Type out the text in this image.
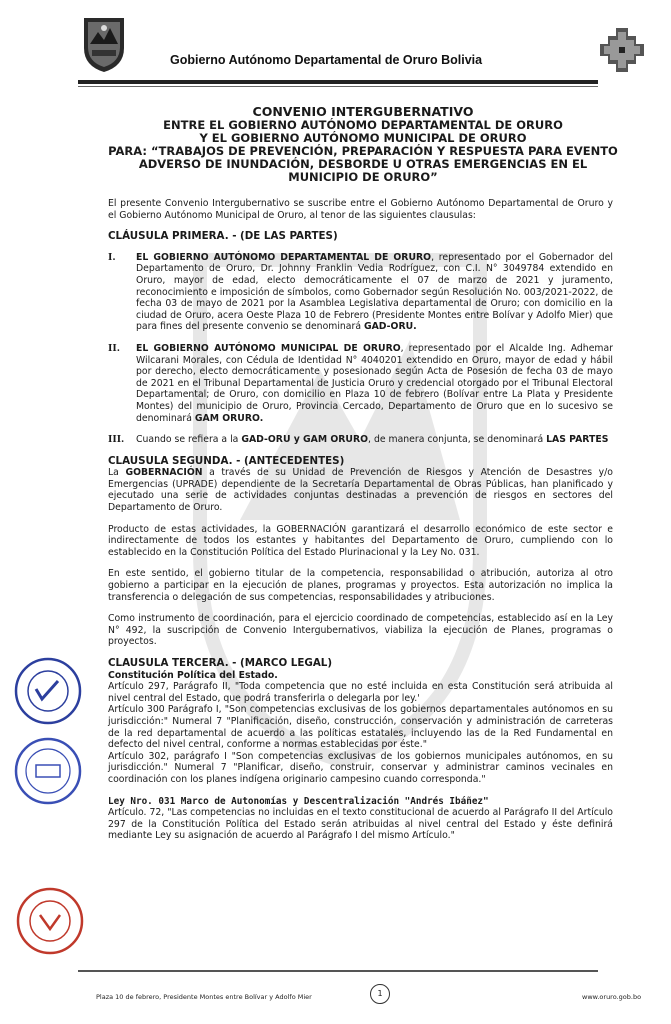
Gobierno Autónomo Departamental de Oruro Bolivia
CONVENIO INTERGUBERNATIVO
ENTRE EL GOBIERNO AUTÓNOMO DEPARTAMENTAL DE ORURO
Y EL GOBIERNO AUTÓNOMO MUNICIPAL DE ORURO
PARA: “TRABAJOS DE PREVENCIÓN, PREPARACIÓN Y RESPUESTA PARA EVENTO
ADVERSO DE INUNDACIÓN, DESBORDE U OTRAS EMERGENCIAS EN EL
MUNICIPIO DE ORURO”

El presente Convenio Intergubernativo se suscribe entre el Gobierno Autónomo Departamental de Oruro y el Gobierno Autónomo Municipal de Oruro, al tenor de las siguientes clausulas:

CLÁUSULA PRIMERA. - (DE LAS PARTES)

I. EL GOBIERNO AUTÓNOMO DEPARTAMENTAL DE ORURO, representado por el Gobernador del Departamento de Oruro, Dr. Johnny Franklin Vedia Rodríguez, con C.I. N° 3049784 extendido en Oruro, mayor de edad, electo democráticamente el 07 de marzo de 2021 y juramento, reconocimiento e imposición de símbolos, como Gobernador según Resolución No. 003/2021-2022, de fecha 03 de mayo de 2021 por la Asamblea Legislativa departamental de Oruro; con domicilio en la ciudad de Oruro, acera Oeste Plaza 10 de Febrero (Presidente Montes entre Bolívar y Adolfo Mier) que para fines del presente convenio se denominará GAD-ORU.
II. EL GOBIERNO AUTÓNOMO MUNICIPAL DE ORURO, representado por el Alcalde Ing. Adhemar Wilcarani Morales, con Cédula de Identidad N° 4040201 extendido en Oruro, mayor de edad y hábil por derecho, electo democráticamente y posesionado según Acta de Posesión de fecha 03 de mayo de 2021 en el Tribunal Departamental de Justicia Oruro y credencial otorgado por el Tribunal Electoral Departamental; de Oruro, con domicilio en Plaza 10 de febrero (Bolívar entre La Plata y Presidente Montes) del municipio de Oruro, Provincia Cercado, Departamento de Oruro que en lo sucesivo se denominará GAM ORURO.
III. Cuando se refiera a la GAD-ORU y GAM ORURO, de manera conjunta, se denominará LAS PARTES

CLAUSULA SEGUNDA. - (ANTECEDENTES)

La GOBERNACIÓN a través de su Unidad de Prevención de Riesgos y Atención de Desastres y/o Emergencias (UPRADE) dependiente de la Secretaría Departamental de Obras Públicas, han planificado y ejecutado una serie de actividades conjuntas destinadas a prevención de riesgos en sectores del Departamento de Oruro.

Producto de estas actividades, la GOBERNACIÓN garantizará el desarrollo económico de este sector e indirectamente de todos los estantes y habitantes del Departamento de Oruro, cumpliendo con lo establecido en la Constitución Política del Estado Plurinacional y la Ley No. 031.

En este sentido, el gobierno titular de la competencia, responsabilidad o atribución, autoriza al otro gobierno a participar en la ejecución de planes, programas y proyectos. Esta autorización no implica la transferencia o delegación de sus competencias, responsabilidades y atribuciones.

Como instrumento de coordinación, para el ejercicio coordinado de competencias, establecido así en la Ley N° 492, la suscripción de Convenio Intergubernativos, viabiliza la ejecución de Planes, programas o proyectos.

CLAUSULA TERCERA. - (MARCO LEGAL)

Constitución Política del Estado.

Artículo 297, Parágrafo II, "Toda competencia que no esté incluida en esta Constitución será atribuida al nivel central del Estado, que podrá transferirla o delegarla por ley.'

Artículo 300 Parágrafo I, "Son competencias exclusivas de los gobiernos departamentales autónomos en su jurisdicción:" Numeral 7 "Planificación, diseño, construcción, conservación y administración de carreteras de la red departamental de acuerdo a las políticas estatales, incluyendo las de la Red Fundamental en defecto del nivel central, conforme a normas establecidas por éste."

Artículo 302, parágrafo I "Son competencias exclusivas de los gobiernos municipales autónomos, en su jurisdicción." Numeral 7 "Planificar, diseño, construir, conservar y administrar caminos vecinales en coordinación con los planes indígena originario campesino cuando corresponda."

Ley Nro. 031 Marco de Autonomías y Descentralización "Andrés Ibáñez"

Artículo. 72, "Las competencias no incluidas en el texto constitucional de acuerdo al Parágrafo II del Artículo 297 de la Constitución Política del Estado serán atribuidas al nivel central del Estado y éste definirá mediante Ley su asignación de acuerdo al Parágrafo I del mismo Artículo."

Plaza 10 de febrero, Presidente Montes entre Bolívar y Adolfo Mier	1	www.oruro.gob.bo
